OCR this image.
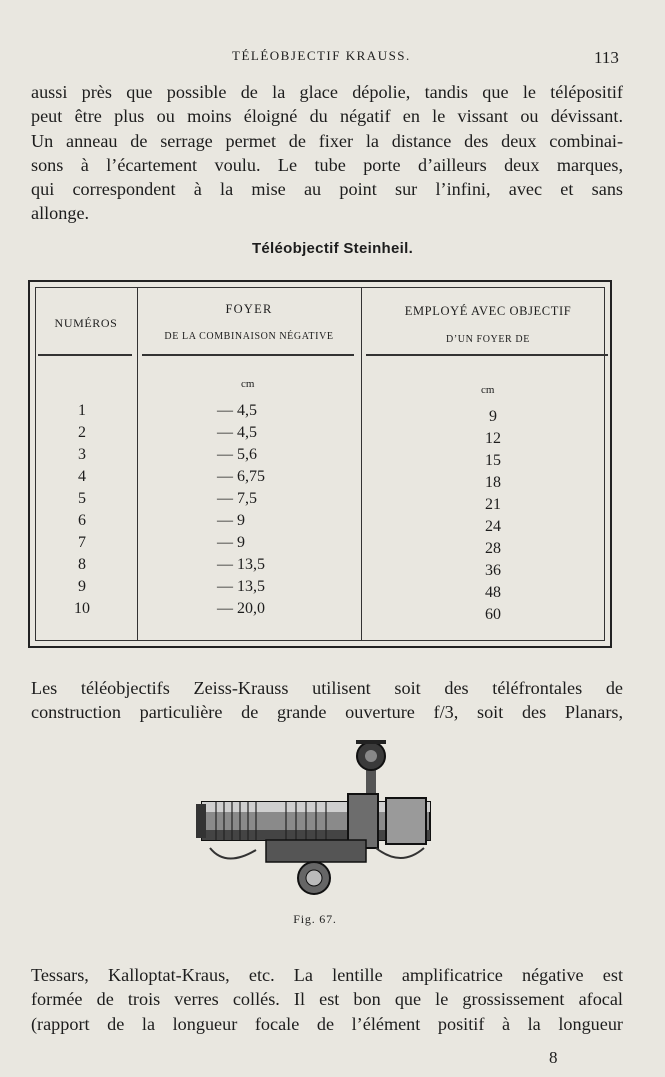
TÉLÉOBJECTIF KRAUSS.	113
aussi près que possible de la glace dépolie, tandis que le télépositif
peut être plus ou moins éloigné du négatif en le vissant ou dévissant.
Un anneau de serrage permet de fixer la distance des deux combinai-
sons à l’écartement voulu. Le tube porte d’ailleurs deux marques,
qui correspondent à la mise au point sur l’infini, avec et sans
allonge.
Téléobjectif Steinheil.
NUMÉROS
FOYER
DE LA COMBINAISON NÉGATIVE
EMPLOYÉ AVEC OBJECTIF
D’UN FOYER DE
cm	cm
1
2
3
4
5
6
7
8
9
10
— 4,5
— 4,5
— 5,6
— 6,75
— 7,5
— 9
— 9
— 13,5
— 13,5
— 20,0
9
12
15
18
21
24
28
36
48
60
Les téléobjectifs Zeiss-Krauss utilisent soit des téléfrontales de
construction particulière de grande ouverture f/3, soit des Planars,
Fig. 67.
Tessars, Kalloptat-Kraus, etc. La lentille amplificatrice négative est
formée de trois verres collés. Il est bon que le grossissement afocal
(rapport de la longueur focale de l’élément positif à la longueur
8
